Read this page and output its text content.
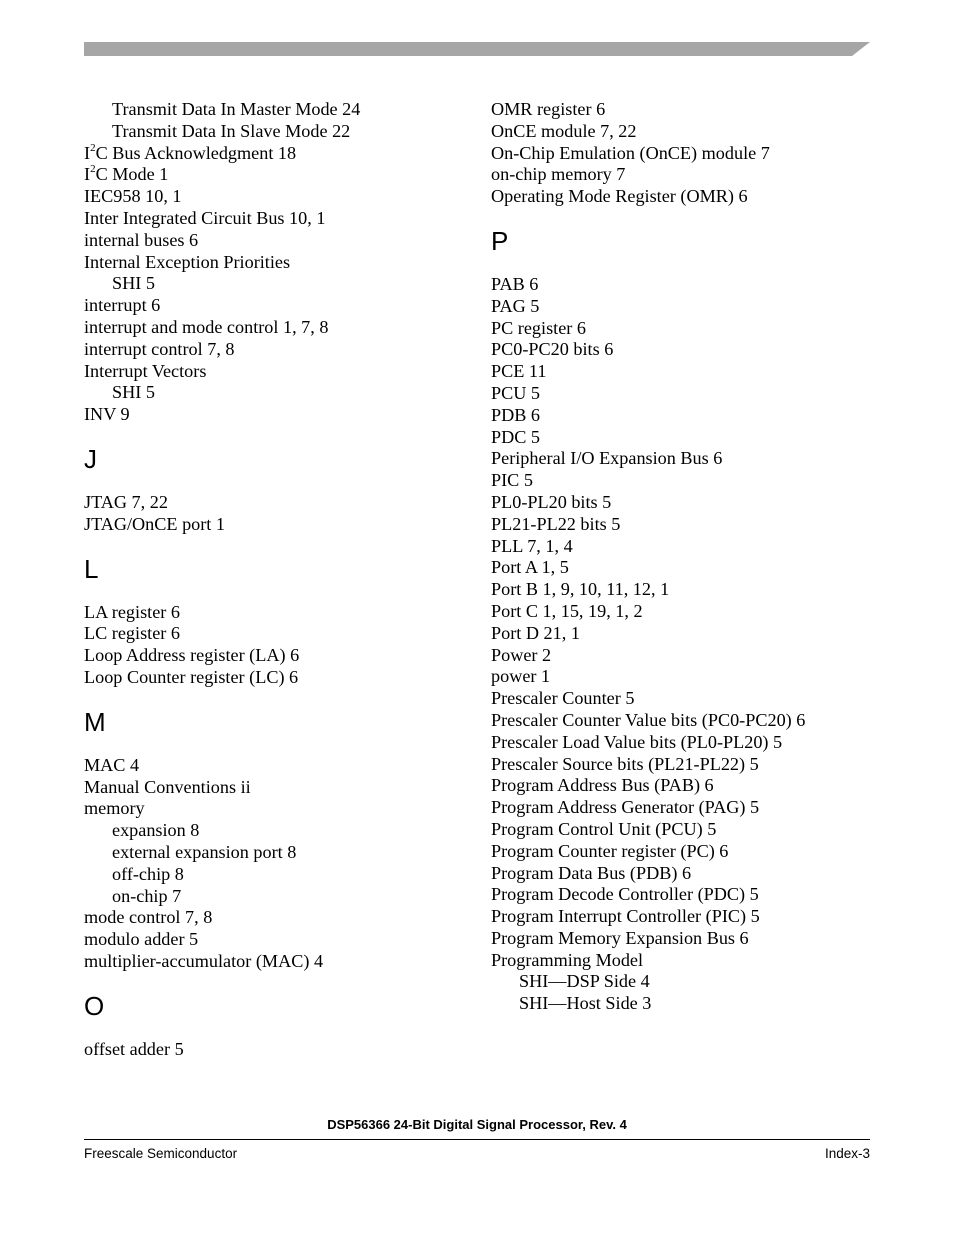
Transmit Data In Master Mode 24
Transmit Data In Slave Mode 22
$I^2C$ Bus Acknowledgment 18
$I^2C$ Mode 1
IEC958 10, 1
Inter Integrated Circuit Bus 10, 1
internal buses 6
Internal Exception Priorities
SHI 5
interrupt 6
interrupt and mode control 1, 7, 8
interrupt control 7, 8
Interrupt Vectors
SHI 5
INV 9
J
JTAG 7, 22
JTAG/OnCE port 1
L
LA register 6
LC register 6
Loop Address register (LA) 6
Loop Counter register (LC) 6
M
MAC 4
Manual Conventions ii
memory
expansion 8
external expansion port 8
off-chip 8
on-chip 7
mode control 7, 8
modulo adder 5
multiplier-accumulator (MAC) 4
O
offset adder 5
OMR register 6
OnCE module 7, 22
On-Chip Emulation (OnCE) module 7
on-chip memory 7
Operating Mode Register (OMR) 6
P
PAB 6
PAG 5
PC register 6
PC0-PC20 bits 6
PCE 11
PCU 5
PDB 6
PDC 5
Peripheral I/O Expansion Bus 6
PIC 5
PL0-PL20 bits 5
PL21-PL22 bits 5
PLL 7, 1, 4
Port A 1, 5
Port B 1, 9, 10, 11, 12, 1
Port C 1, 15, 19, 1, 2
Port D 21, 1
Power 2
power 1
Prescaler Counter 5
Prescaler Counter Value bits (PC0-PC20) 6
Prescaler Load Value bits (PL0-PL20) 5
Prescaler Source bits (PL21-PL22) 5
Program Address Bus (PAB) 6
Program Address Generator (PAG) 5
Program Control Unit (PCU) 5
Program Counter register (PC) 6
Program Data Bus (PDB) 6
Program Decode Controller (PDC) 5
Program Interrupt Controller (PIC) 5
Program Memory Expansion Bus 6
Programming Model
SHI—DSP Side 4
SHI—Host Side 3
DSP56366 24-Bit Digital Signal Processor, Rev. 4
Freescale Semiconductor	Index-3
